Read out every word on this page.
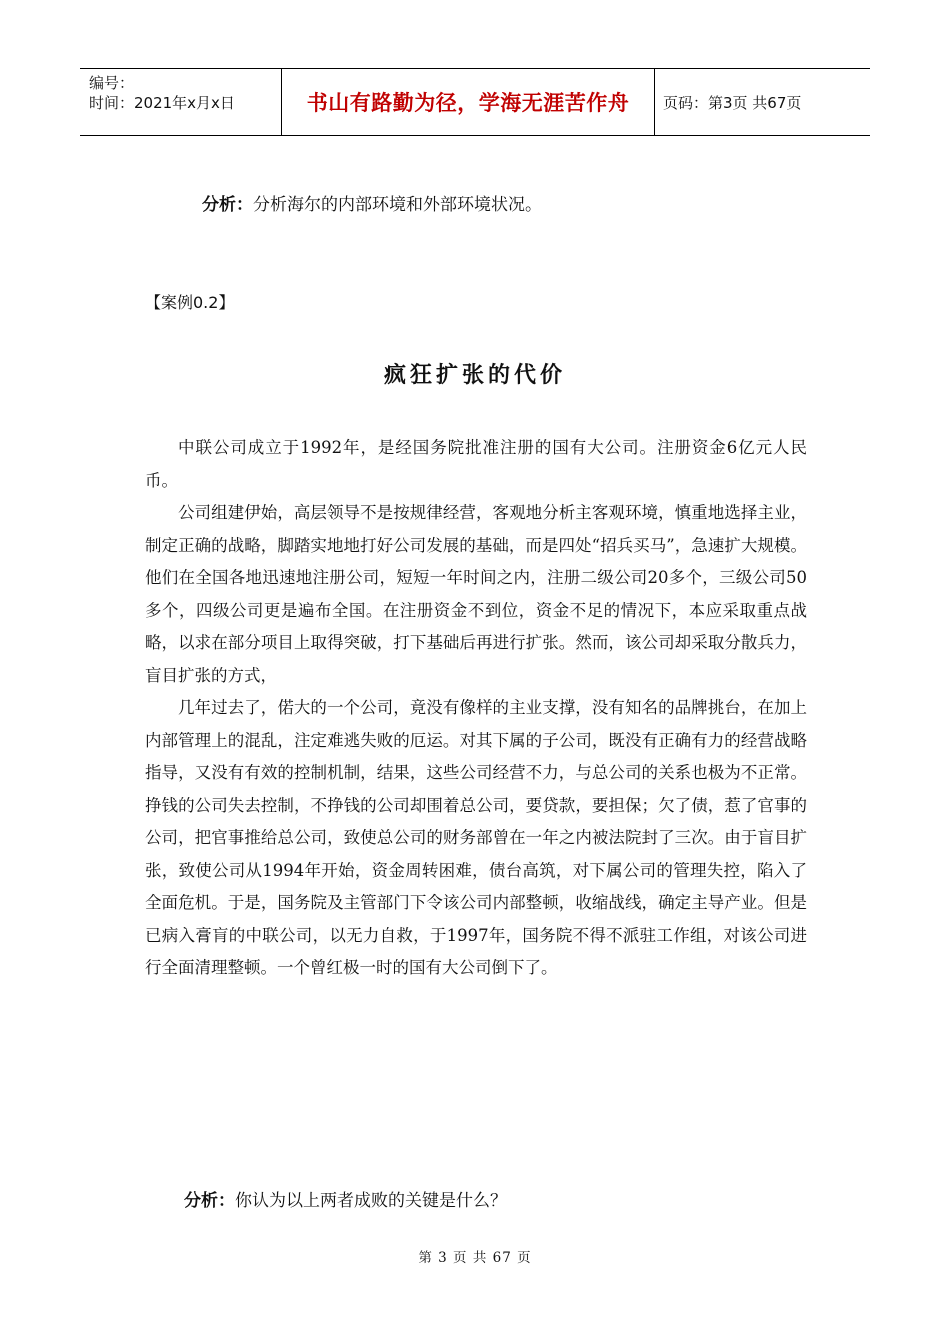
编号：
时间：2021年x月x日	书山有路勤为径，学海无涯苦作舟	页码：第3页 共67页
分析：分析海尔的内部环境和外部环境状况。
【案例0.2】
疯狂扩张的代价

中联公司成立于1992年，是经国务院批准注册的国有大公司。注册资金6亿元人民币。

公司组建伊始，高层领导不是按规律经营，客观地分析主客观环境，慎重地选择主业，制定正确的战略，脚踏实地地打好公司发展的基础，而是四处“招兵买马”，急速扩大规模。他们在全国各地迅速地注册公司，短短一年时间之内，注册二级公司20多个，三级公司50多个，四级公司更是遍布全国。在注册资金不到位，资金不足的情况下，本应采取重点战略，以求在部分项目上取得突破，打下基础后再进行扩张。然而，该公司却采取分散兵力，盲目扩张的方式，

几年过去了，偌大的一个公司，竟没有像样的主业支撑，没有知名的品牌挑台，在加上内部管理上的混乱，注定难逃失败的厄运。对其下属的子公司，既没有正确有力的经营战略指导，又没有有效的控制机制，结果，这些公司经营不力，与总公司的关系也极为不正常。挣钱的公司失去控制，不挣钱的公司却围着总公司，要贷款，要担保；欠了债，惹了官事的公司，把官事推给总公司，致使总公司的财务部曾在一年之内被法院封了三次。由于盲目扩张，致使公司从1994年开始，资金周转困难，债台高筑，对下属公司的管理失控，陷入了全面危机。于是，国务院及主管部门下令该公司内部整顿，收缩战线，确定主导产业。但是已病入膏肓的中联公司，以无力自救，于1997年，国务院不得不派驻工作组，对该公司进行全面清理整顿。一个曾红极一时的国有大公司倒下了。

分析：你认为以上两者成败的关键是什么？
第 3 页 共 67 页
